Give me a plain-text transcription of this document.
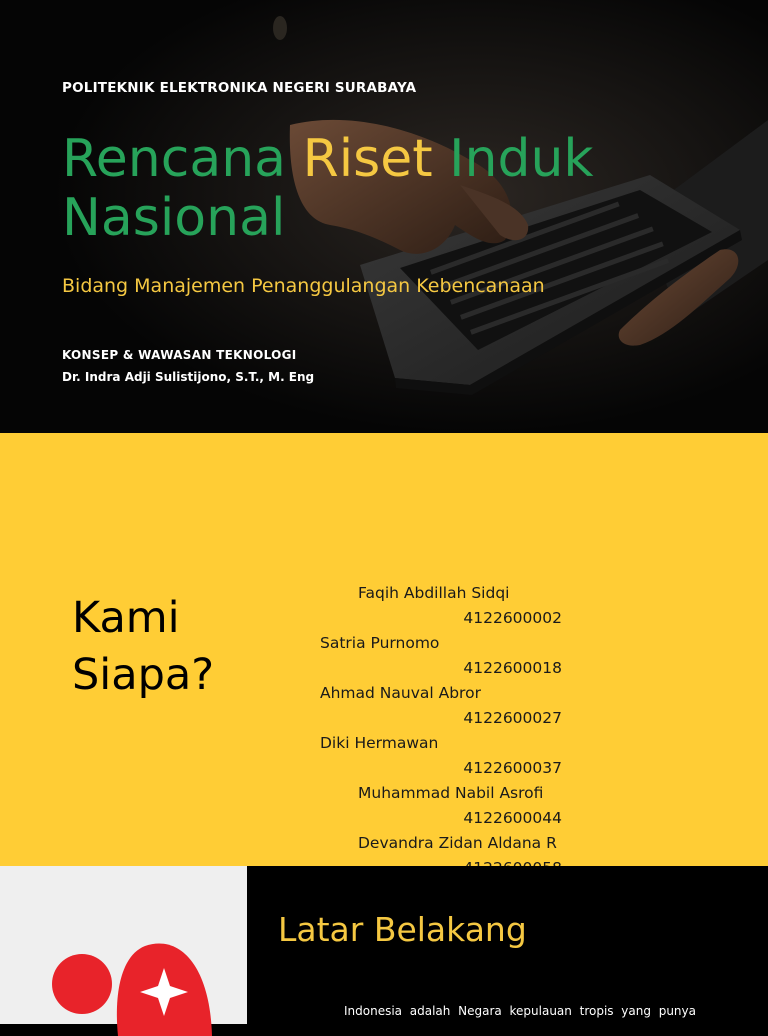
POLITEKNIK ELEKTRONIKA NEGERI SURABAYA
Rencana Riset Induk Nasional
Bidang Manajemen Penanggulangan Kebencanaan
KONSEP & WAWASAN TEKNOLOGI
Dr. Indra Adji Sulistijono, S.T., M. Eng
Kami Siapa?
Faqih Abdillah Sidqi
4122600002
Satria Purnomo
4122600018
Ahmad Nauval Abror
4122600027
Diki Hermawan
4122600037
Muhammad Nabil Asrofi
4122600044
Devandra Zidan Aldana R
Latar Belakang
Indonesia adalah Negara kepulauan tropis yang punya
